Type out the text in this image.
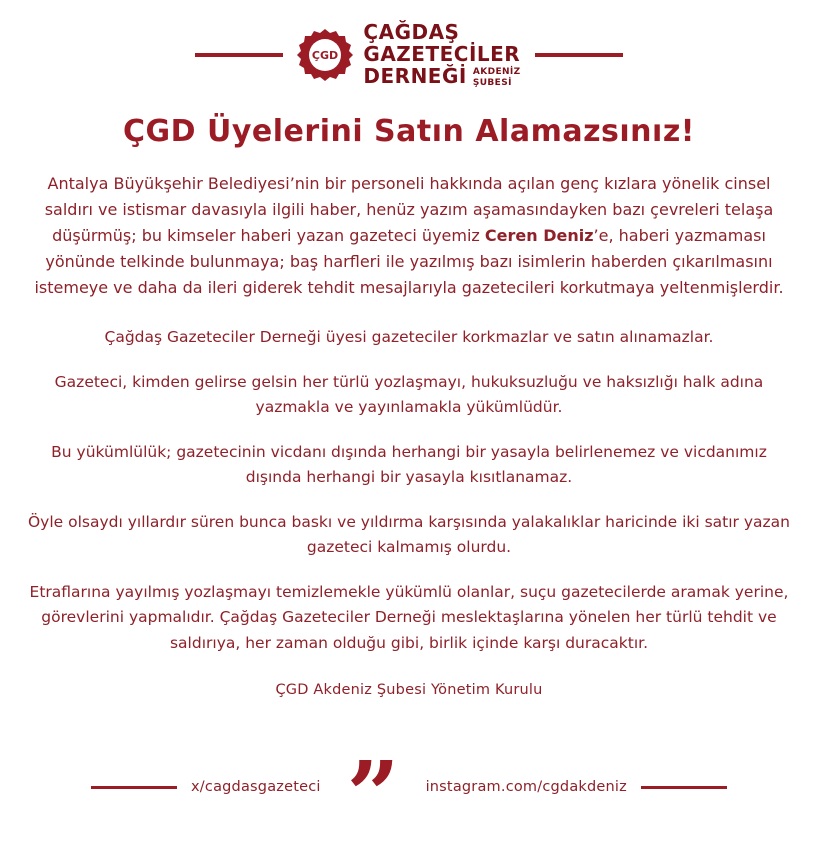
ÇGD
ÇAĞDAŞ
GAZETECİLER
DERNEĞİ AKDENİZ
ŞUBESİ
ÇGD Üyelerini Satın Alamazsınız!

Antalya Büyükşehir Belediyesi’nin bir personeli hakkında açılan genç kızlara yönelik cinsel saldırı ve istismar davasıyla ilgili haber, henüz yazım aşamasındayken bazı çevreleri telaşa düşürmüş; bu kimseler haberi yazan gazeteci üyemiz Ceren Deniz’e, haberi yazmaması yönünde telkinde bulunmaya; baş harfleri ile yazılmış bazı isimlerin haberden çıkarılmasını istemeye ve daha da ileri giderek tehdit mesajlarıyla gazetecileri korkutmaya yeltenmişlerdir.

Çağdaş Gazeteciler Derneği üyesi gazeteciler korkmazlar ve satın alınamazlar.

Gazeteci, kimden gelirse gelsin her türlü yozlaşmayı, hukuksuzluğu ve haksızlığı halk adına yazmakla ve yayınlamakla yükümlüdür.

Bu yükümlülük; gazetecinin vicdanı dışında herhangi bir yasayla belirlenemez ve vicdanımız dışında herhangi bir yasayla kısıtlanamaz.

Öyle olsaydı yıllardır süren bunca baskı ve yıldırma karşısında yalakalıklar haricinde iki satır yazan gazeteci kalmamış olurdu.

Etraflarına yayılmış yozlaşmayı temizlemekle yükümlü olanlar, suçu gazetecilerde aramak yerine, görevlerini yapmalıdır. Çağdaş Gazeteciler Derneği meslektaşlarına yönelen her türlü tehdit ve saldırıya, her zaman olduğu gibi, birlik içinde karşı duracaktır.

ÇGD Akdeniz Şubesi Yönetim Kurulu
x/cagdasgazeteci ” instagram.com/cgdakdeniz
